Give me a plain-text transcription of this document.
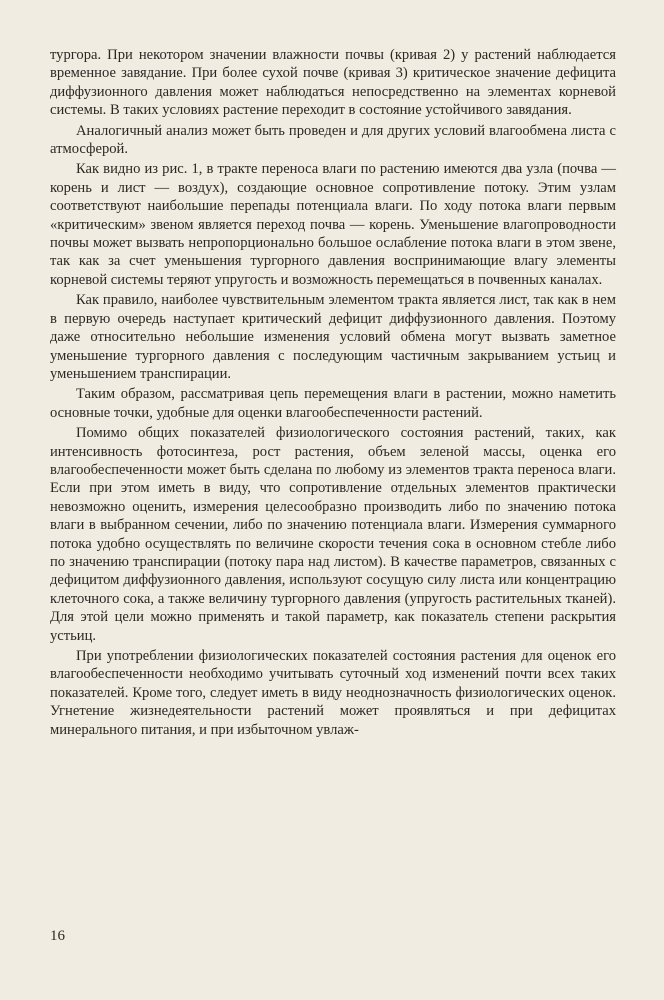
тургора. При некотором значении влажности почвы (кривая 2) у растений наблюдается временное завядание. При более сухой почве (кривая 3) критическое значение дефицита диффузионного давления может наблюдаться непосредственно на элементах корневой системы. В таких условиях растение переходит в состояние устойчивого завядания.

Аналогичный анализ может быть проведен и для других условий влагообмена листа с атмосферой.

Как видно из рис. 1, в тракте переноса влаги по растению имеются два узла (почва — корень и лист — воздух), создающие основное сопротивление потоку. Этим узлам соответствуют наибольшие перепады потенциала влаги. По ходу потока влаги первым «критическим» звеном является переход почва — корень. Уменьшение влагопроводности почвы может вызвать непропорционально большое ослабление потока влаги в этом звене, так как за счет уменьшения тургорного давления воспринимающие влагу элементы корневой системы теряют упругость и возможность перемещаться в почвенных каналах.

Как правило, наиболее чувствительным элементом тракта является лист, так как в нем в первую очередь наступает критический дефицит диффузионного давления. Поэтому даже относительно небольшие изменения условий обмена могут вызвать заметное уменьшение тургорного давления с последующим частичным закрыванием устьиц и уменьшением транспирации.

Таким образом, рассматривая цепь перемещения влаги в растении, можно наметить основные точки, удобные для оценки влагообеспеченности растений.

Помимо общих показателей физиологического состояния растений, таких, как интенсивность фотосинтеза, рост растения, объем зеленой массы, оценка его влагообеспеченности может быть сделана по любому из элементов тракта переноса влаги. Если при этом иметь в виду, что сопротивление отдельных элементов практически невозможно оценить, измерения целесообразно производить либо по значению потока влаги в выбранном сечении, либо по значению потенциала влаги. Измерения суммарного потока удобно осуществлять по величине скорости течения сока в основном стебле либо по значению транспирации (потоку пара над листом). В качестве параметров, связанных с дефицитом диффузионного давления, используют сосущую силу листа или концентрацию клеточного сока, а также величину тургорного давления (упругость растительных тканей). Для этой цели можно применять и такой параметр, как показатель степени раскрытия устьиц.

При употреблении физиологических показателей состояния растения для оценок его влагообеспеченности необходимо учитывать суточный ход изменений почти всех таких показателей. Кроме того, следует иметь в виду неоднозначность физиологических оценок. Угнетение жизнедеятельности растений может проявляться и при дефицитах минерального питания, и при избыточном увлаж-

16
